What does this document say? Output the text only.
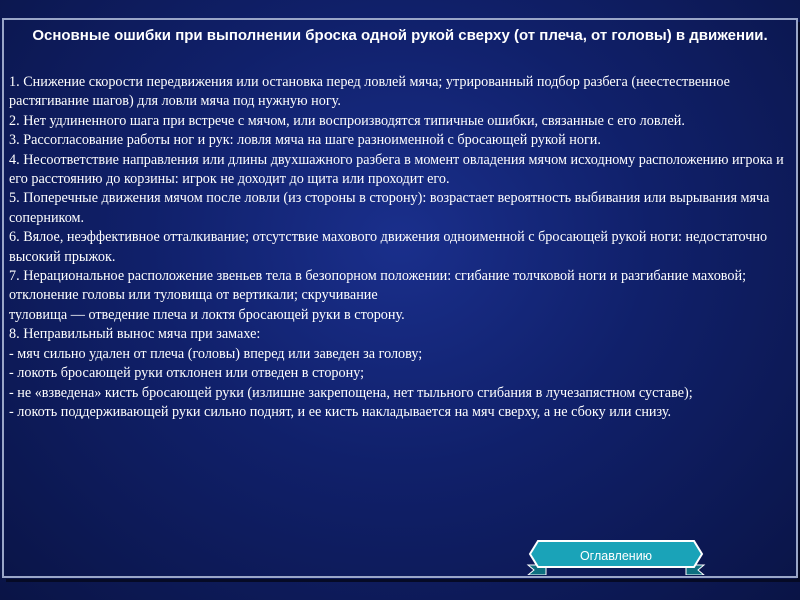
Основные ошибки при выполнении броска одной рукой сверху (от плеча, от головы) в движении.

1. Снижение скорости передвижения или остановка перед ловлей мяча; утрированный подбор разбега (неестественное растягивание шагов) для ловли мяча под нужную ногу.

2. Нет удлиненного шага при встрече с мячом, или воспроизводятся типичные ошибки, связанные с его ловлей.

3. Рассогласование работы ног и рук: ловля мяча на шаге разноименной с бросающей рукой ноги.

4. Несоответствие направления или длины двухшажного разбега в момент овладения мячом исходному расположению игрока и его расстоянию до корзины: игрок не доходит до щита или проходит его.

5. Поперечные движения мячом после ловли (из стороны в сторону): возрастает вероятность выбивания или вырывания мяча соперником.

6. Вялое, неэффективное отталкивание; отсутствие махового движения одноименной с бросающей рукой ноги: недостаточно высокий прыжок.

7. Нерациональное расположение звеньев тела в безопорном положении: сгибание толчковой ноги и разгибание маховой; отклонение головы или туловища от вертикали; скручивание

туловища — отведение плеча и локтя бросающей руки в сторону.

8. Неправильный вынос мяча при замахе:

- мяч сильно удален от плеча (головы) вперед или заведен за голову;

- локоть бросающей руки отклонен или отведен в сторону;

- не «взведена» кисть бросающей руки (излишне закрепощена, нет тыльного сгибания в лучезапястном суставе);

- локоть поддерживающей руки сильно поднят, и ее кисть накладывается на мяч сверху, а не сбоку или снизу.

Оглавлению
